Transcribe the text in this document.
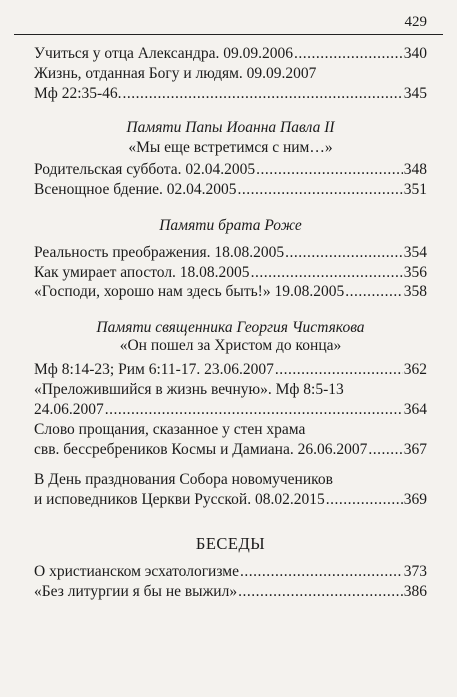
429
Учиться у отца Александра. 09.09.2006 .....	340
Жизнь, отданная Богу и людям. 09.09.2007
Мф 22:35-46. .....	345
Памяти Папы Иоанна Павла II
«Мы еще встретимся с ним…»
Родительская суббота. 02.04.2005 .....	348
Всенощное бдение. 02.04.2005 .....	351
Памяти брата Роже
Реальность преображения. 18.08.2005 .....	354
Как умирает апостол. 18.08.2005 .....	356
«Господи, хорошо нам здесь быть!» 19.08.2005 .....	358
Памяти священника Георгия Чистякова
«Он пошел за Христом до конца»
Мф 8:14-23; Рим 6:11-17. 23.06.2007 .....	362
«Преложившийся в жизнь вечную». Мф 8:5-13
24.06.2007 .....	364
Слово прощания, сказанное у стен храма
свв. бессребреников Космы и Дамиана. 26.06.2007 ..... 367
В День празднования Собора новомучеников
и исповедников Церкви Русской. 08.02.2015 .....	369
БЕСЕДЫ
О христианском эсхатологизме .....	373
«Без литургии я бы не выжил» .....	386
